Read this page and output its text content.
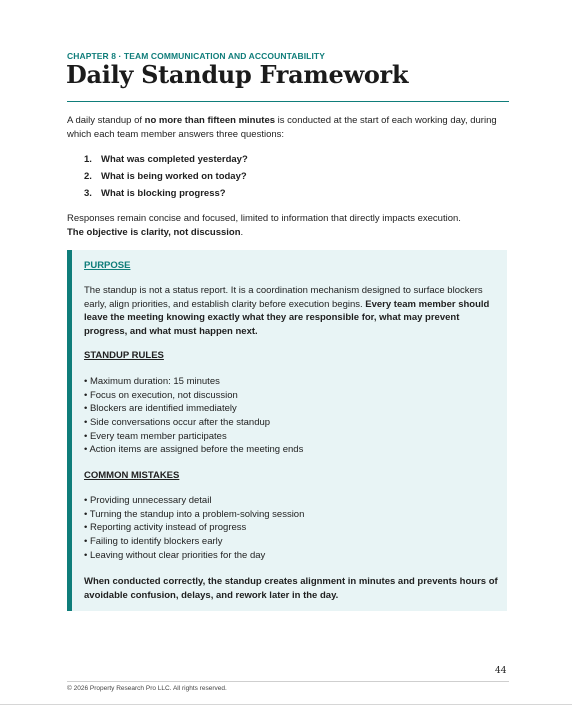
CHAPTER 8 · TEAM COMMUNICATION AND ACCOUNTABILITY
Daily Standup Framework

A daily standup of no more than fifteen minutes is conducted at the start of each working day, during which each team member answers three questions:

1. What was completed yesterday?
2. What is being worked on today?
3. What is blocking progress?

Responses remain concise and focused, limited to information that directly impacts execution.
The objective is clarity, not discussion.

PURPOSE

The standup is not a status report. It is a coordination mechanism designed to surface blockers early, align priorities, and establish clarity before execution begins. Every team member should leave the meeting knowing exactly what they are responsible for, what may prevent progress, and what must happen next.

STANDUP RULES
• Maximum duration: 15 minutes
• Focus on execution, not discussion
• Blockers are identified immediately
• Side conversations occur after the standup
• Every team member participates
• Action items are assigned before the meeting ends
COMMON MISTAKES
• Providing unnecessary detail
• Turning the standup into a problem-solving session
• Reporting activity instead of progress
• Failing to identify blockers early
• Leaving without clear priorities for the day

When conducted correctly, the standup creates alignment in minutes and prevents hours of avoidable confusion, delays, and rework later in the day.

44
© 2026 Property Research Pro LLC. All rights reserved.
